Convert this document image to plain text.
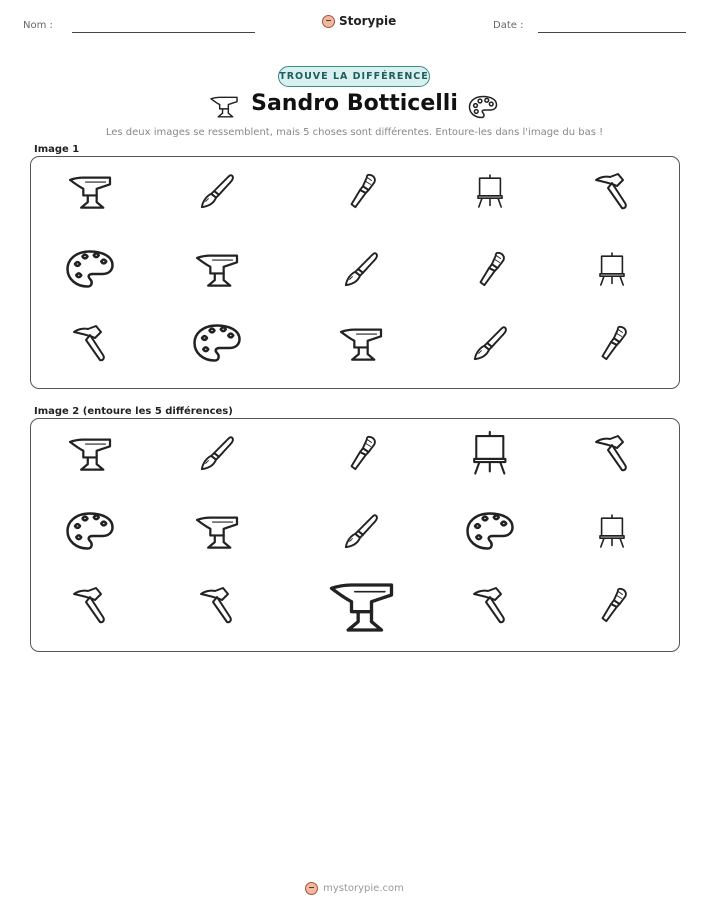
Nom :	Storypie	Date :
TROUVE LA DIFFÉRENCE
Sandro Botticelli
Les deux images se ressemblent, mais 5 choses sont différentes. Entoure-les dans l'image du bas !
Image 1
Image 2 (entoure les 5 différences)
mystorypie.com
